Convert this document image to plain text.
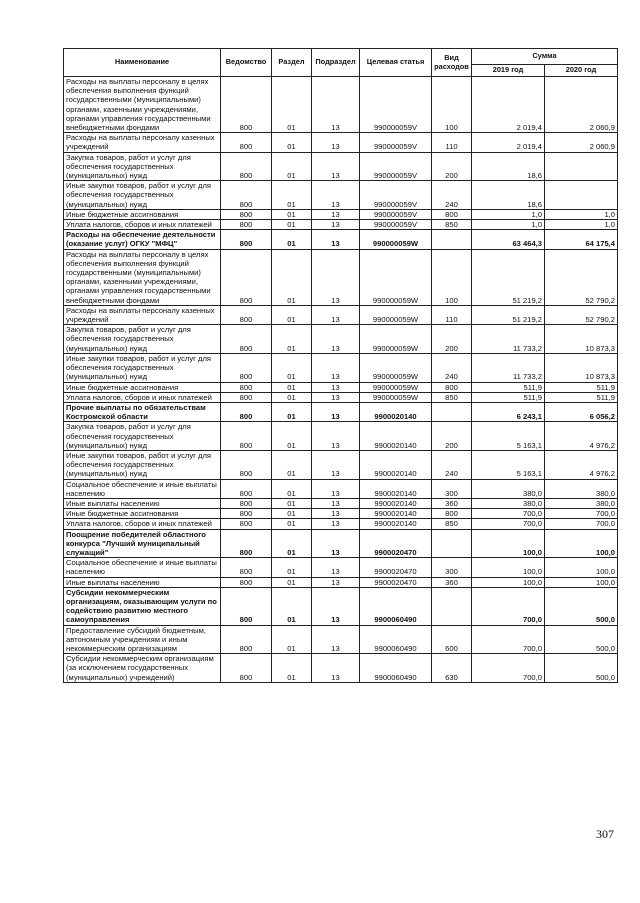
Наименование	Ведомство	Раздел	Подраздел	Целевая статья	Вид расходов	Сумма	
						2019 год	2020 год
Расходы на выплаты персоналу в целях обеспечения выполнения функций государственными (муниципальными) органами, казенными учреждениями, органами управления государственными внебюджетными фондами	800	01	13	990000059V	100	2 019,4	2 060,9
Расходы на выплаты персоналу казенных учреждений	800	01	13	990000059V	110	2 019,4	2 060,9
Закупка товаров, работ и услуг для обеспечения государственных (муниципальных) нужд	800	01	13	990000059V	200	18,6	
Иные закупки товаров, работ и услуг для обеспечения государственных (муниципальных) нужд	800	01	13	990000059V	240	18,6	
Иные бюджетные ассигнования	800	01	13	990000059V	800	1,0	1,0
Уплата налогов, сборов и иных платежей	800	01	13	990000059V	850	1,0	1,0
Расходы на обеспечение деятельности (оказание услуг) ОГКУ "МФЦ"	800	01	13	990000059W		63 464,3	64 175,4
Расходы на выплаты персоналу в целях обеспечения выполнения функций государственными (муниципальными) органами, казенными учреждениями, органами управления государственными внебюджетными фондами	800	01	13	990000059W	100	51 219,2	52 790,2
Расходы на выплаты персоналу казенных учреждений	800	01	13	990000059W	110	51 219,2	52 790,2
Закупка товаров, работ и услуг для обеспечения государственных (муниципальных) нужд	800	01	13	990000059W	200	11 733,2	10 873,3
Иные закупки товаров, работ и услуг для обеспечения государственных (муниципальных) нужд	800	01	13	990000059W	240	11 733,2	10 873,3
Иные бюджетные ассигнования	800	01	13	990000059W	800	511,9	511,9
Уплата налогов, сборов и иных платежей	800	01	13	990000059W	850	511,9	511,9
Прочие выплаты по обязательствам Костромской области	800	01	13	9900020140		6 243,1	6 056,2
Закупка товаров, работ и услуг для обеспечения государственных (муниципальных) нужд	800	01	13	9900020140	200	5 163,1	4 976,2
Иные закупки товаров, работ и услуг для обеспечения государственных (муниципальных) нужд	800	01	13	9900020140	240	5 163,1	4 976,2
Социальное обеспечение и иные выплаты населению	800	01	13	9900020140	300	380,0	380,0
Иные выплаты населению	800	01	13	9900020140	360	380,0	380,0
Иные бюджетные ассигнования	800	01	13	9900020140	800	700,0	700,0
Уплата налогов, сборов и иных платежей	800	01	13	9900020140	850	700,0	700,0
Поощрение победителей областного конкурса "Лучший муниципальный служащий"	800	01	13	9900020470		100,0	100,0
Социальное обеспечение и иные выплаты населению	800	01	13	9900020470	300	100,0	100,0
Иные выплаты населению	800	01	13	9900020470	360	100,0	100,0
Субсидии некоммерческим организациям, оказывающим услуги по содействию развитию местного самоуправления	800	01	13	9900060490		700,0	500,0
Предоставление субсидий бюджетным, автономным учреждениям и иным некоммерческим организациям	800	01	13	9900060490	600	700,0	500,0
Субсидии некоммерческим организациям (за исключением государственных (муниципальных) учреждений)	800	01	13	9900060490	630	700,0	500,0
307
